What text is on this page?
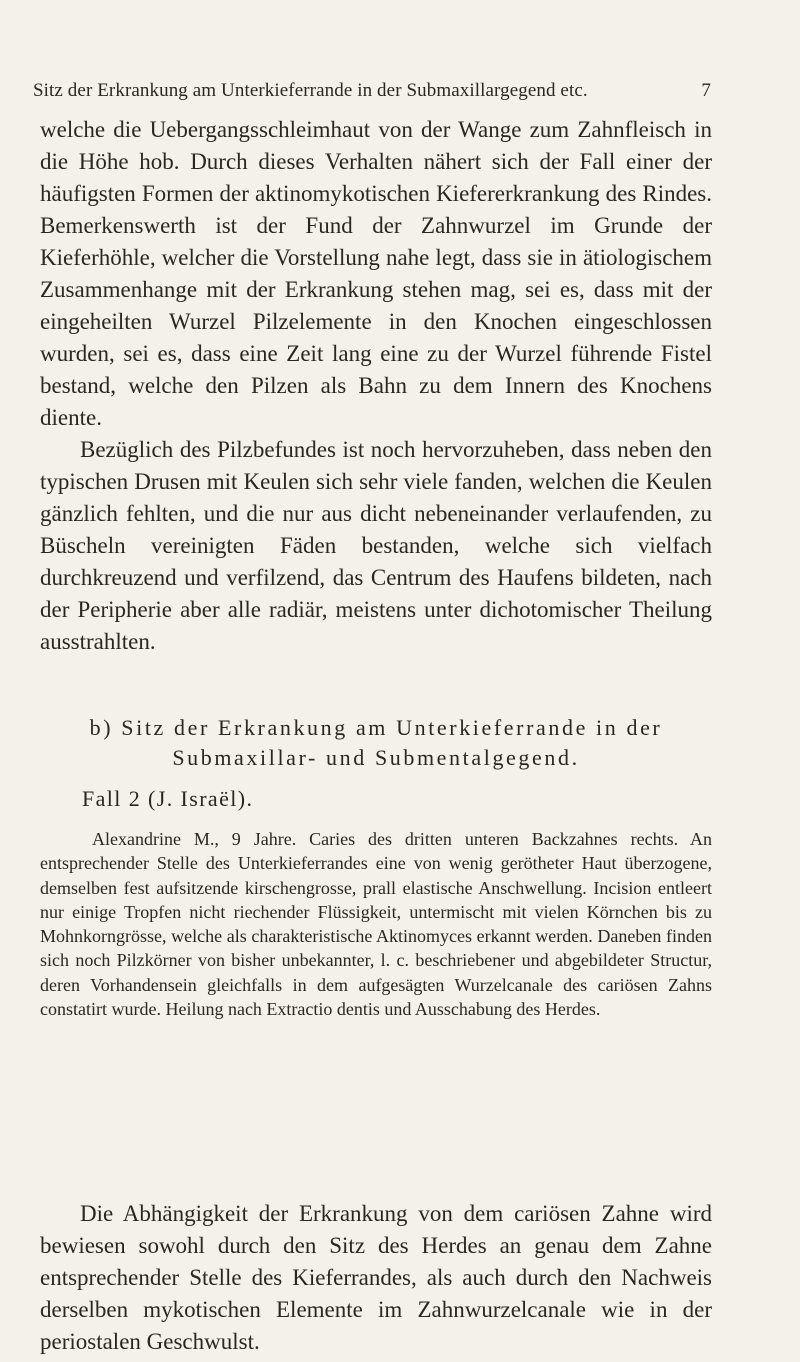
Sitz der Erkrankung am Unterkieferrande in der Submaxillargegend etc.	7
welche die Uebergangsschleimhaut von der Wange zum Zahnfleisch in die Höhe hob. Durch dieses Verhalten nähert sich der Fall einer der häufigsten Formen der aktinomykotischen Kiefererkrankung des Rindes. Bemerkenswerth ist der Fund der Zahnwurzel im Grunde der Kieferhöhle, welcher die Vorstellung nahe legt, dass sie in ätiologischem Zusammenhange mit der Erkrankung stehen mag, sei es, dass mit der eingeheilten Wurzel Pilzelemente in den Knochen eingeschlossen wurden, sei es, dass eine Zeit lang eine zu der Wurzel führende Fistel bestand, welche den Pilzen als Bahn zu dem Innern des Knochens diente.
Bezüglich des Pilzbefundes ist noch hervorzuheben, dass neben den typischen Drusen mit Keulen sich sehr viele fanden, welchen die Keulen gänzlich fehlten, und die nur aus dicht nebeneinander verlaufenden, zu Büscheln vereinigten Fäden bestanden, welche sich vielfach durchkreuzend und verfilzend, das Centrum des Haufens bildeten, nach der Peripherie aber alle radiär, meistens unter dichotomischer Theilung ausstrahlten.
b) Sitz der Erkrankung am Unterkieferrande in der Submaxillar- und Submentalgegend.
Fall 2 (J. Israël).
Alexandrine M., 9 Jahre. Caries des dritten unteren Backzahnes rechts. An entsprechender Stelle des Unterkieferrandes eine von wenig gerötheter Haut überzogene, demselben fest aufsitzende kirschengrosse, prall elastische Anschwellung. Incision entleert nur einige Tropfen nicht riechender Flüssigkeit, untermischt mit vielen Körnchen bis zu Mohnkorngrösse, welche als charakteristische Aktinomyces erkannt werden. Daneben finden sich noch Pilzkörner von bisher unbekannter, l. c. beschriebener und abgebildeter Structur, deren Vorhandensein gleichfalls in dem aufgesägten Wurzelcanale des cariösen Zahns constatirt wurde. Heilung nach Extractio dentis und Ausschabung des Herdes.
Die Abhängigkeit der Erkrankung von dem cariösen Zahne wird bewiesen sowohl durch den Sitz des Herdes an genau dem Zahne entsprechender Stelle des Kieferrandes, als auch durch den Nachweis derselben mykotischen Elemente im Zahnwurzelcanale wie in der periostalen Geschwulst.
